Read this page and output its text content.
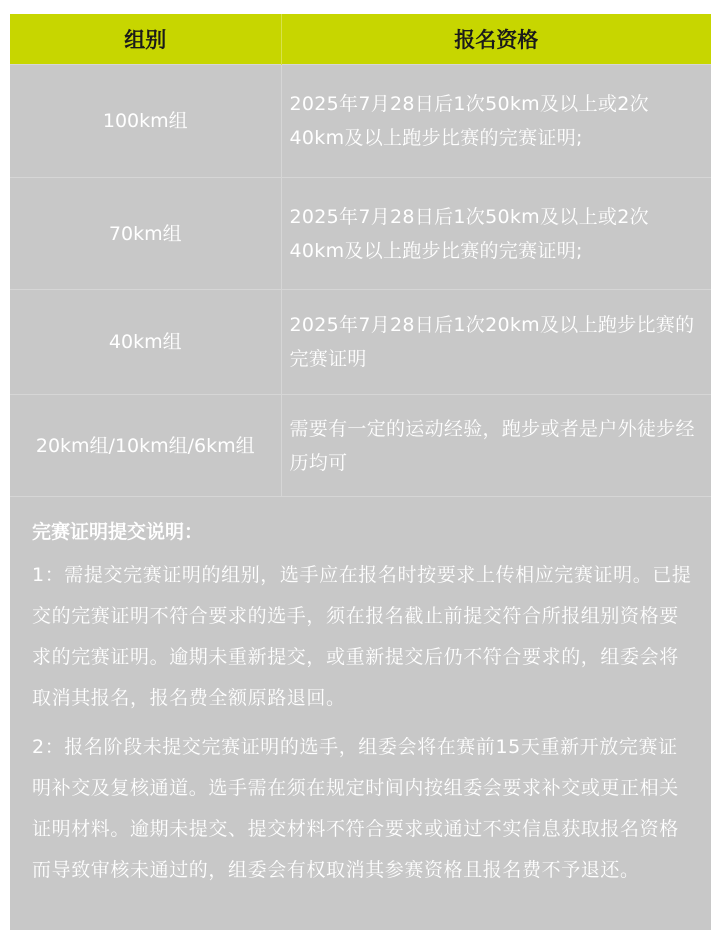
组别	报名资格
100km组	2025年7月28日后1次50km及以上或2次40km及以上跑步比赛的完赛证明;
70km组	2025年7月28日后1次50km及以上或2次40km及以上跑步比赛的完赛证明;
40km组	2025年7月28日后1次20km及以上跑步比赛的完赛证明
20km组/10km组/6km组	需要有一定的运动经验，跑步或者是户外徒步经历均可
完赛证明提交说明：

1：需提交完赛证明的组别，选手应在报名时按要求上传相应完赛证明。已提交的完赛证明不符合要求的选手，须在报名截止前提交符合所报组别资格要求的完赛证明。逾期未重新提交，或重新提交后仍不符合要求的，组委会将取消其报名，报名费全额原路退回。

2：报名阶段未提交完赛证明的选手，组委会将在赛前15天重新开放完赛证明补交及复核通道。选手需在须在规定时间内按组委会要求补交或更正相关证明材料。逾期未提交、提交材料不符合要求或通过不实信息获取报名资格而导致审核未通过的，组委会有权取消其参赛资格且报名费不予退还。
